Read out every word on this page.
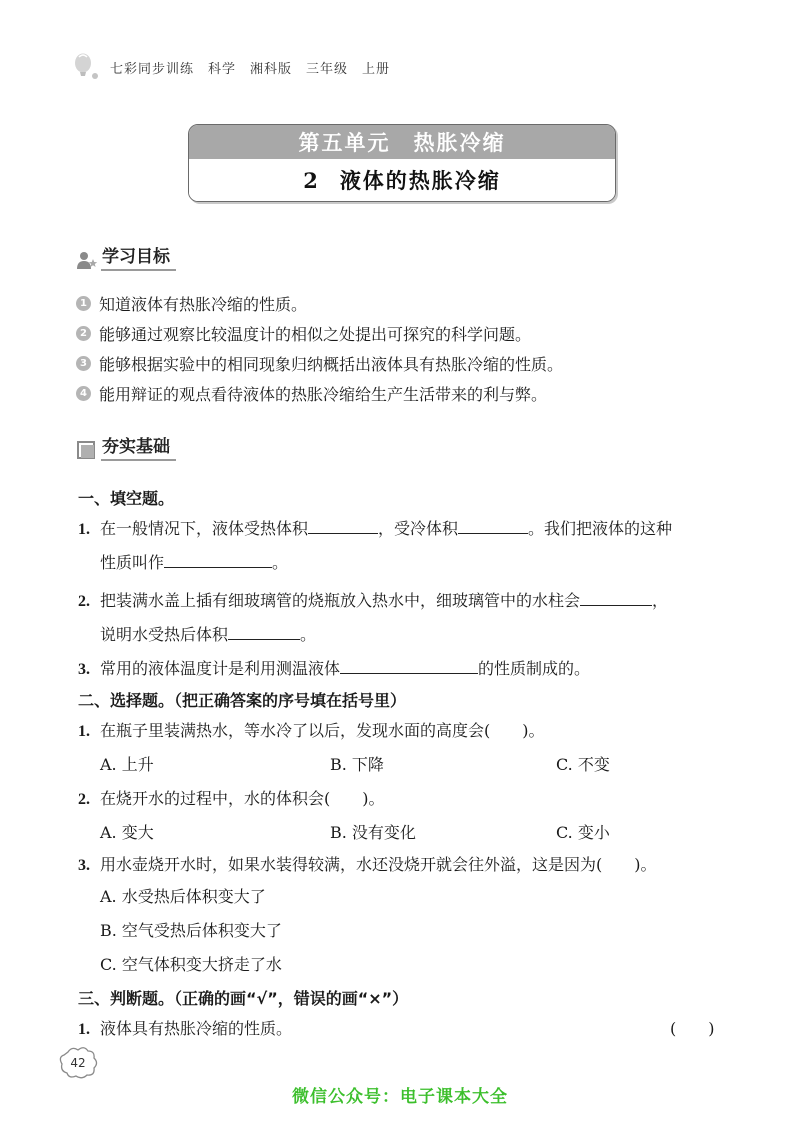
七彩同步训练　科学　湘科版　三年级　上册
第五单元　热胀冷缩
2 液体的热胀冷缩
学习目标
1 知道液体有热胀冷缩的性质。
2 能够通过观察比较温度计的相似之处提出可探究的科学问题。
3 能够根据实验中的相同现象归纳概括出液体具有热胀冷缩的性质。
4 能用辩证的观点看待液体的热胀冷缩给生产生活带来的利与弊。
夯实基础
一、填空题。
1. 在一般情况下，液体受热体积	，受冷体积	。我们把液体的这种
性质叫作	。
2. 把装满水盖上插有细玻璃管的烧瓶放入热水中，细玻璃管中的水柱会	，
说明水受热后体积	。
3. 常用的液体温度计是利用测温液体	的性质制成的。
二、选择题。（把正确答案的序号填在括号里）
1. 在瓶子里装满热水，等水冷了以后，发现水面的高度会(　　)。
A. 上升	B. 下降	C. 不变
2. 在烧开水的过程中，水的体积会(　　)。
A. 变大	B. 没有变化	C. 变小
3. 用水壶烧开水时，如果水装得较满，水还没烧开就会往外溢，这是因为(　　)。
A. 水受热后体积变大了
B. 空气受热后体积变大了
C. 空气体积变大挤走了水
三、判断题。（正确的画“√”，错误的画“×”）
1. 液体具有热胀冷缩的性质。	(　　)
42
微信公众号：电子课本大全
